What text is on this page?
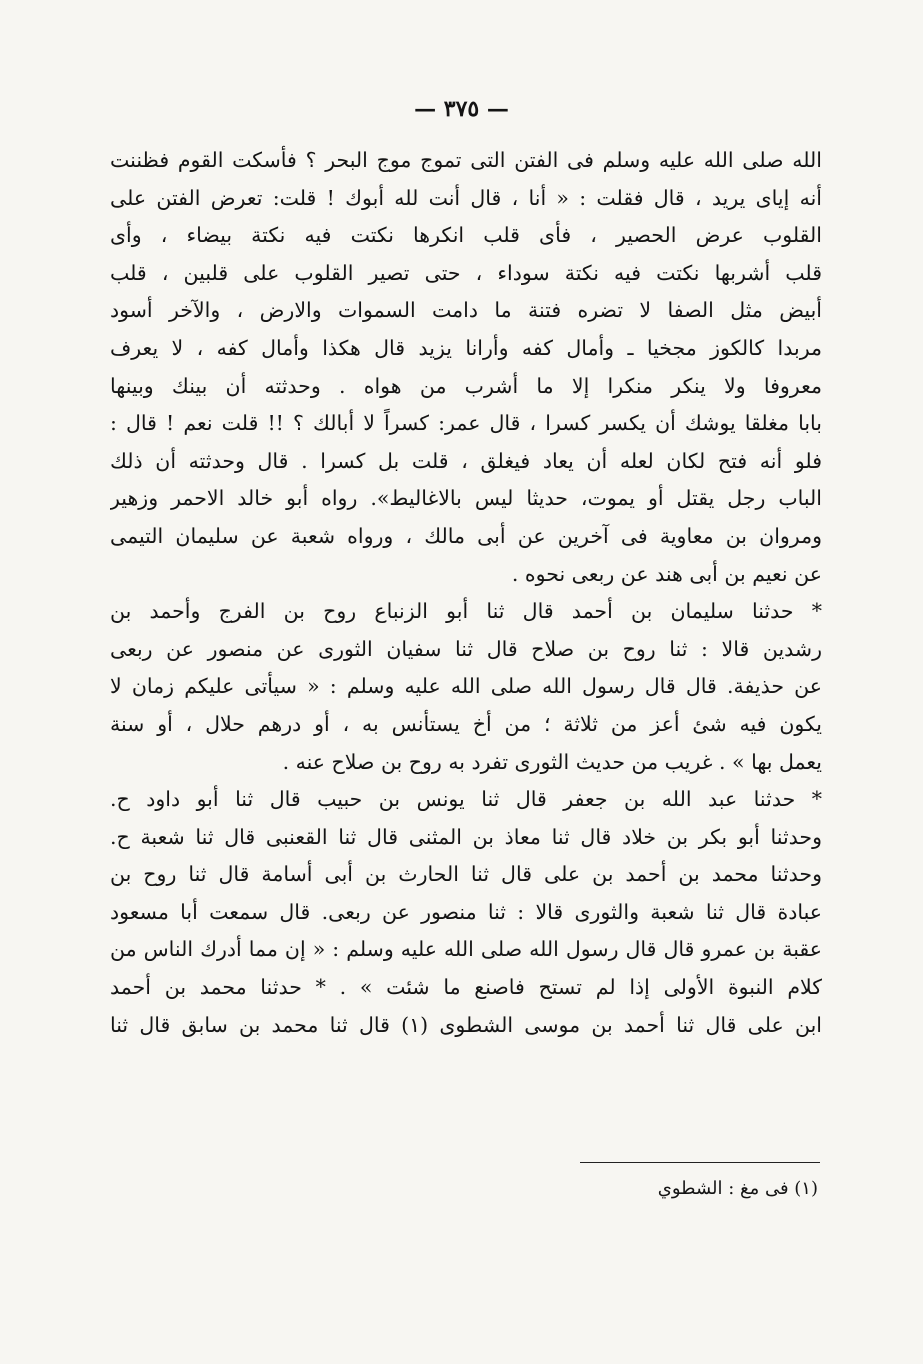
— ٣٧٥ —
الله صلى الله عليه وسلم فى الفتن التى تموج موج البحر ؟ فأسكت القوم فظننت
أنه إياى يريد ، قال فقلت : « أنا ، قال أنت لله أبوك ! قلت: تعرض الفتن على
القلوب عرض الحصير ، فأى قلب انكرها نكتت فيه نكتة بيضاء ، وأى
قلب أشربها نكتت فيه نكتة سوداء ، حتى تصير القلوب على قلبين ، قلب
أبيض مثل الصفا لا تضره فتنة ما دامت السموات والارض ، والآخر أسود
مربدا كالكوز مجخيا ـ وأمال كفه وأرانا يزيد قال هكذا وأمال كفه ، لا يعرف
معروفا ولا ينكر منكرا إلا ما أشرب من هواه . وحدثته أن بينك وبينها
بابا مغلقا يوشك أن يكسر كسرا ، قال عمر: كسراً لا أبالك ؟ !! قلت نعم ! قال :
فلو أنه فتح لكان لعله أن يعاد فيغلق ، قلت بل كسرا . قال وحدثته أن ذلك
الباب رجل يقتل أو يموت، حديثا ليس بالاغاليط». رواه أبو خالد الاحمر وزهير
ومروان بن معاوية فى آخرين عن أبى مالك ، ورواه شعبة عن سليمان التيمى
عن نعيم بن أبى هند عن ربعى نحوه .
* حدثنا سليمان بن أحمد قال ثنا أبو الزنباع روح بن الفرج وأحمد بن
رشدين قالا : ثنا روح بن صلاح قال ثنا سفيان الثورى عن منصور عن ربعى
عن حذيفة. قال قال رسول الله صلى الله عليه وسلم : « سيأتى عليكم زمان لا
يكون فيه شئ أعز من ثلاثة ؛ من أخ يستأنس به ، أو درهم حلال ، أو سنة
يعمل بها » . غريب من حديث الثورى تفرد به روح بن صلاح عنه .
* حدثنا عبد الله بن جعفر قال ثنا يونس بن حبيب قال ثنا أبو داود ح.
وحدثنا أبو بكر بن خلاد قال ثنا معاذ بن المثنى قال ثنا القعنبى قال ثنا شعبة ح.
وحدثنا محمد بن أحمد بن على قال ثنا الحارث بن أبى أسامة قال ثنا روح بن
عبادة قال ثنا شعبة والثورى قالا : ثنا منصور عن ربعى. قال سمعت أبا مسعود
عقبة بن عمرو قال قال رسول الله صلى الله عليه وسلم : « إن مما أدرك الناس من
كلام النبوة الأولى إذا لم تستح فاصنع ما شئت » . * حدثنا محمد بن أحمد
ابن على قال ثنا أحمد بن موسى الشطوى (١) قال ثنا محمد بن سابق قال ثنا
(١) فى مغ : الشطوي
